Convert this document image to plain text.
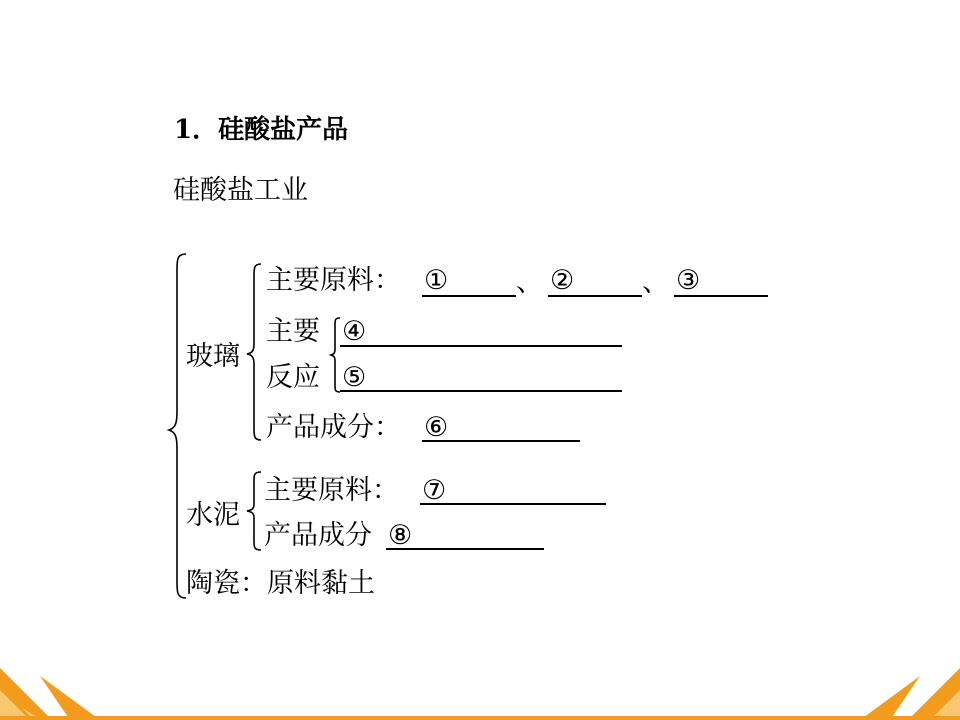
1．硅酸盐产品
硅酸盐工业
玻璃
主要原料： ①	、 ②	、 ③
主要
反应
④
⑤
产品成分： ⑥
水泥
主要原料： ⑦
产品成分 ⑧
陶瓷：原料黏土
